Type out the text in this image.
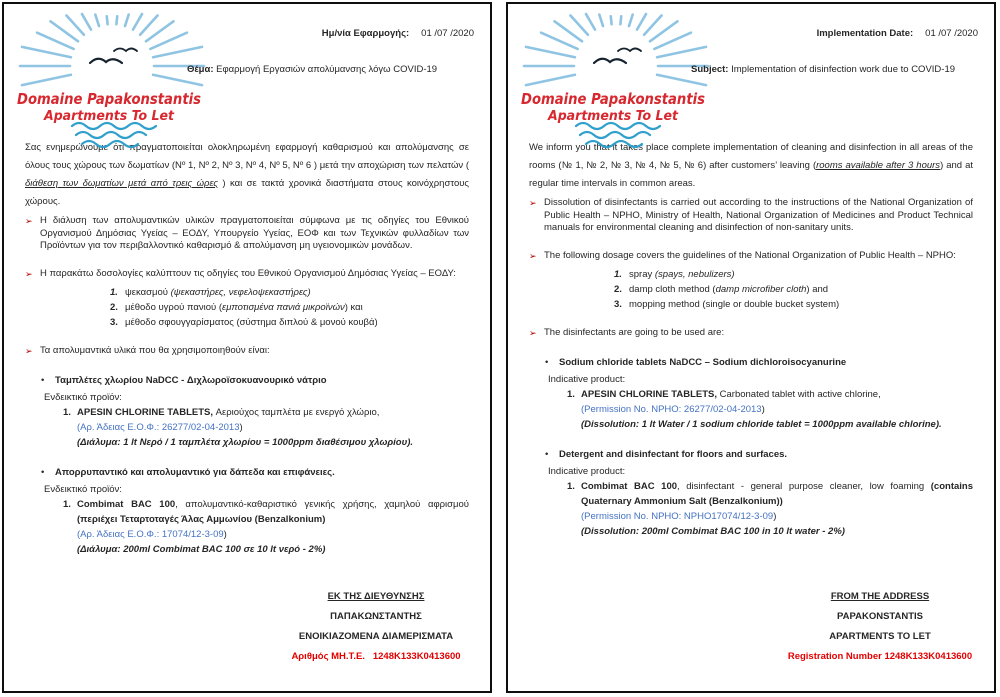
Domaine Papakonstantis
Apartments To Let
Ημ/νία Εφαρμογής: 01 /07 /2020
Θέμα: Εφαρμογή Εργασιών απολύμανσης λόγω COVID-19

Σας ενημερώνουμε ότι πραγματοποιείται ολοκληρωμένη εφαρμογή καθαρισμού και απολύμανσης σε όλους τους χώρους των δωματίων (Nº 1, Nº 2, Nº 3, Nº 4, Nº 5, Nº 6 ) μετά την αποχώριση των πελατών ( διάθεση των δωματίων μετά από τρεις ώρες ) και σε τακτά χρονικά διαστήματα στους κοινόχρηστους χώρους.

➢ Η διάλυση των απολυμαντικών υλικών πραγματοποιείται σύμφωνα με τις οδηγίες του Εθνικού Οργανισμού Δημόσιας Υγείας – ΕΟΔΥ, Υπουργείο Υγείας, ΕΟΦ και των Τεχνικών φυλλαδίων των Προϊόντων για τον περιβαλλοντικό καθαρισμό & απολύμανση μη υγειονομικών μονάδων.
➢ Η παρακάτω δοσολογίες καλύπτουν τις οδηγίες του Εθνικού Οργανισμού Δημόσιας Υγείας – ΕΟΔΥ:
1. ψεκασμού (ψεκαστήρες, νεφελοψεκαστήρες)
2. μέθοδο υγρού πανιού (εμποτισμένα πανιά μικροϊνών) και
3. μέθοδο σφουγγαρίσματος (σύστημα διπλού & μονού κουβά)
➢ Τα απολυμαντικά υλικά που θα χρησιμοποιηθούν είναι:
•	Ταμπλέτες χλωρίου NaDCC - Διχλωροϊσοκυανουρικό νάτριο
Ενδεικτικό προϊόν:
1. APESIN CHLORINE TABLETS, Αεριούχος ταμπλέτα με ενεργό χλώριο,
(Αρ. Άδειας Ε.Ο.Φ.: 26277/02-04-2013)
(Διάλυμα: 1 lt Νερό / 1 ταμπλέτα χλωρίου = 1000ppm διαθέσιμου χλωρίου).
•	Απορρυπαντικό και απολυμαντικό για δάπεδα και επιφάνειες.
Ενδεικτικό προϊόν:
1. Combimat BAC 100, απολυμαντικό-καθαριστικό γενικής χρήσης, χαμηλού αφρισμού (περιέχει Τεταρτοταγές Άλας Αμμωνίου (Benzalkonium)
(Αρ. Άδειας Ε.Ο.Φ.: 17074/12-3-09)
(Διάλυμα: 200ml Combimat BAC 100 σε 10 lt νερό - 2%)
ΕΚ ΤΗΣ ΔΙΕΥΘΥΝΣΗΣ
ΠΑΠΑΚΩΝΣΤΑΝΤΗΣ
ΕΝΟΙΚΙΑΖΟΜΕΝΑ ΔΙΑΜΕΡΙΣΜΑΤΑ
Αριθμός ΜΗ.Τ.Ε.   1248K133K0413600
Domaine Papakonstantis
Apartments To Let
Implementation Date: 01 /07 /2020
Subject: Implementation of disinfection work due to COVID-19

We inform you that it takes place complete implementation of cleaning and disinfection in all areas of the rooms (№ 1, № 2, № 3, № 4, № 5, № 6) after customers’ leaving (rooms available after 3 hours) and at regular time intervals in common areas.

➢ Dissolution of disinfectants is carried out according to the instructions of the National Organization of Public Health – NPHO, Ministry of Health, National Organization of Medicines and Product Technical manuals for environmental cleaning and disinfection of non-sanitary units.
➢ The following dosage covers the guidelines of the National Organization of Public Health – NPHO:
1. spray (spays, nebulizers)
2. damp cloth method (damp microfiber cloth) and
3. mopping method (single or double bucket system)
➢ The disinfectants are going to be used are:
•	Sodium chloride tablets NaDCC – Sodium dichloroisocyanurine
Indicative product:
1. APESIN CHLORINE TABLETS, Carbonated tablet with active chlorine,
(Permission No. NPHO: 26277/02-04-2013)
(Dissolution: 1 lt Water / 1 sodium chloride tablet = 1000ppm available chlorine).
•	Detergent and disinfectant for floors and surfaces.
Indicative product:
1. Combimat BAC 100, disinfectant - general purpose cleaner, low foaming (contains Quaternary Ammonium Salt (Benzalkonium))
(Permission No. NPHO: NPHO17074/12-3-09)
(Dissolution: 200ml Combimat BAC 100 in 10 lt water - 2%)
FROM THE ADDRESS
PAPAKONSTANTIS
APARTMENTS TO LET
Registration Number 1248K133K0413600
